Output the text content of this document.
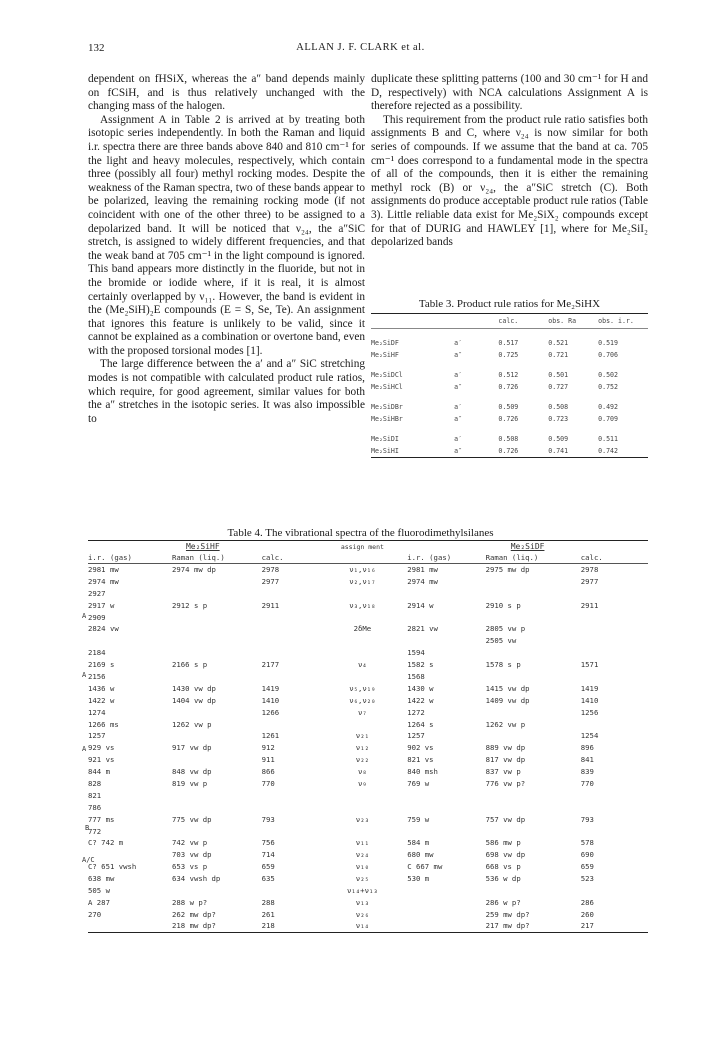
132	ALLAN J. F. CLARK et al.

dependent on fHSiX, whereas the a″ band depends mainly on fCSiH, and is thus relatively unchanged with the changing mass of the halogen.

Assignment A in Table 2 is arrived at by treating both isotopic series independently. In both the Raman and liquid i.r. spectra there are three bands above 840 and 810 cm⁻¹ for the light and heavy molecules, respectively, which contain three (possibly all four) methyl rocking modes. Despite the weakness of the Raman spectra, two of these bands appear to be polarized, leaving the remaining rocking mode (if not coincident with one of the other three) to be assigned to a depolarized band. It will be noticed that ν₂₄, the a″SiC stretch, is assigned to widely different frequencies, and that the weak band at 705 cm⁻¹ in the light compound is ignored. This band appears more distinctly in the fluoride, but not in the bromide or iodide where, if it is real, it is almost certainly overlapped by ν₁₁. However, the band is evident in the (Me₂SiH)₂E compounds (E = S, Se, Te). An assignment that ignores this feature is unlikely to be valid, since it cannot be explained as a combination or overtone band, even with the proposed torsional modes [1].

The large difference between the a′ and a″ SiC stretching modes is not compatible with calculated product rule ratios, which require, for good agreement, similar values for both the a″ stretches in the isotopic series. It was also impossible to

duplicate these splitting patterns (100 and 30 cm⁻¹ for H and D, respectively) with NCA calculations Assignment A is therefore rejected as a possibility.

This requirement from the product rule ratio satisfies both assignments B and C, where ν₂₄ is now similar for both series of compounds. If we assume that the band at ca. 705 cm⁻¹ does correspond to a fundamental mode in the spectra of all of the compounds, then it is either the remaining methyl rock (B) or ν₂₄, the a″SiC stretch (C). Both assignments do produce acceptable product rule ratios (Table 3). Little reliable data exist for Me₂SiX₂ compounds except for that of DURIG and HAWLEY [1], where for Me₂SiI₂ depolarized bands

Table 3. Product rule ratios for Me₂SiHX
		calc.	obs. Ra	obs. i.r.
Me₂SiDF	a′	0.517	0.521	0.519
Me₂SiHF	a″	0.725	0.721	0.706
Me₂SiDCl	a′	0.512	0.501	0.502
Me₂SiHCl	a″	0.726	0.727	0.752
Me₂SiDBr	a′	0.509	0.508	0.492
Me₂SiHBr	a″	0.726	0.723	0.709
Me₂SiDI	a′	0.508	0.509	0.511
Me₂SiHI	a″	0.726	0.741	0.742
Table 4. The vibrational spectra of the fluorodimethylsilanes
Me₂SiHF			assign ment	Me₂SiDF		
i.r. (gas)	Raman (liq.)	calc.		i.r. (gas)	Raman (liq.)	calc.
2981 mw	2974 mw dp	2978	ν₁,ν₁₆	2981 mw	2975 mw dp	2978
2974 mw		2977	ν₂,ν₁₇	2974 mw		2977
2927						
2917 w	2912 s p	2911	ν₃,ν₁₈	2914 w	2910 s p	2911
2909						
2824 vw			2δMe	2821 vw	2805 vw p	
					2505 vw	
2184				1594		
2169 s	2166 s p	2177	ν₄	1582 s	1578 s p	1571
2156				1568		
1436 w	1430 vw dp	1419	ν₅,ν₁₉	1430 w	1415 vw dp	1419
1422 w	1404 vw dp	1410	ν₆,ν₂₀	1422 w	1409 vw dp	1410
1274		1266	ν₇	1272		1256
1266 ms	1262 vw p			1264 s	1262 vw p	
1257		1261	ν₂₁	1257		1254
929 vs	917 vw dp	912	ν₁₂	902 vs	889 vw dp	896
921 vs		911	ν₂₂	821 vs	817 vw dp	841
844 m	848 vw dp	866	ν₈	840 msh	837 vw p	839
828	819 vw p	770	ν₉	769 w	776 vw p?	770
821						
786						
777 ms	775 vw dp	793	ν₂₃	759 w	757 vw dp	793
772						
C? 742 m	742 vw p	756	ν₁₁	584 m	586 mw p	578
	703 vw dp	714	ν₂₄	680 mw	698 vw dp	690
C? 651 vwsh	653 vs p	659	ν₁₀	C 667 mw	668 vs p	659
638 mw	634 vwsh dp	635	ν₂₅	530 m	536 w dp	523
505 w			ν₁₄+ν₁₃			
A 287	288 w p?	288	ν₁₃		286 w p?	286
270	262 mw dp?	261	ν₂₆		259 mw dp?	260
	218 mw dp?	218	ν₁₄		217 mw dp?	217
A
A
A
B
A/C
